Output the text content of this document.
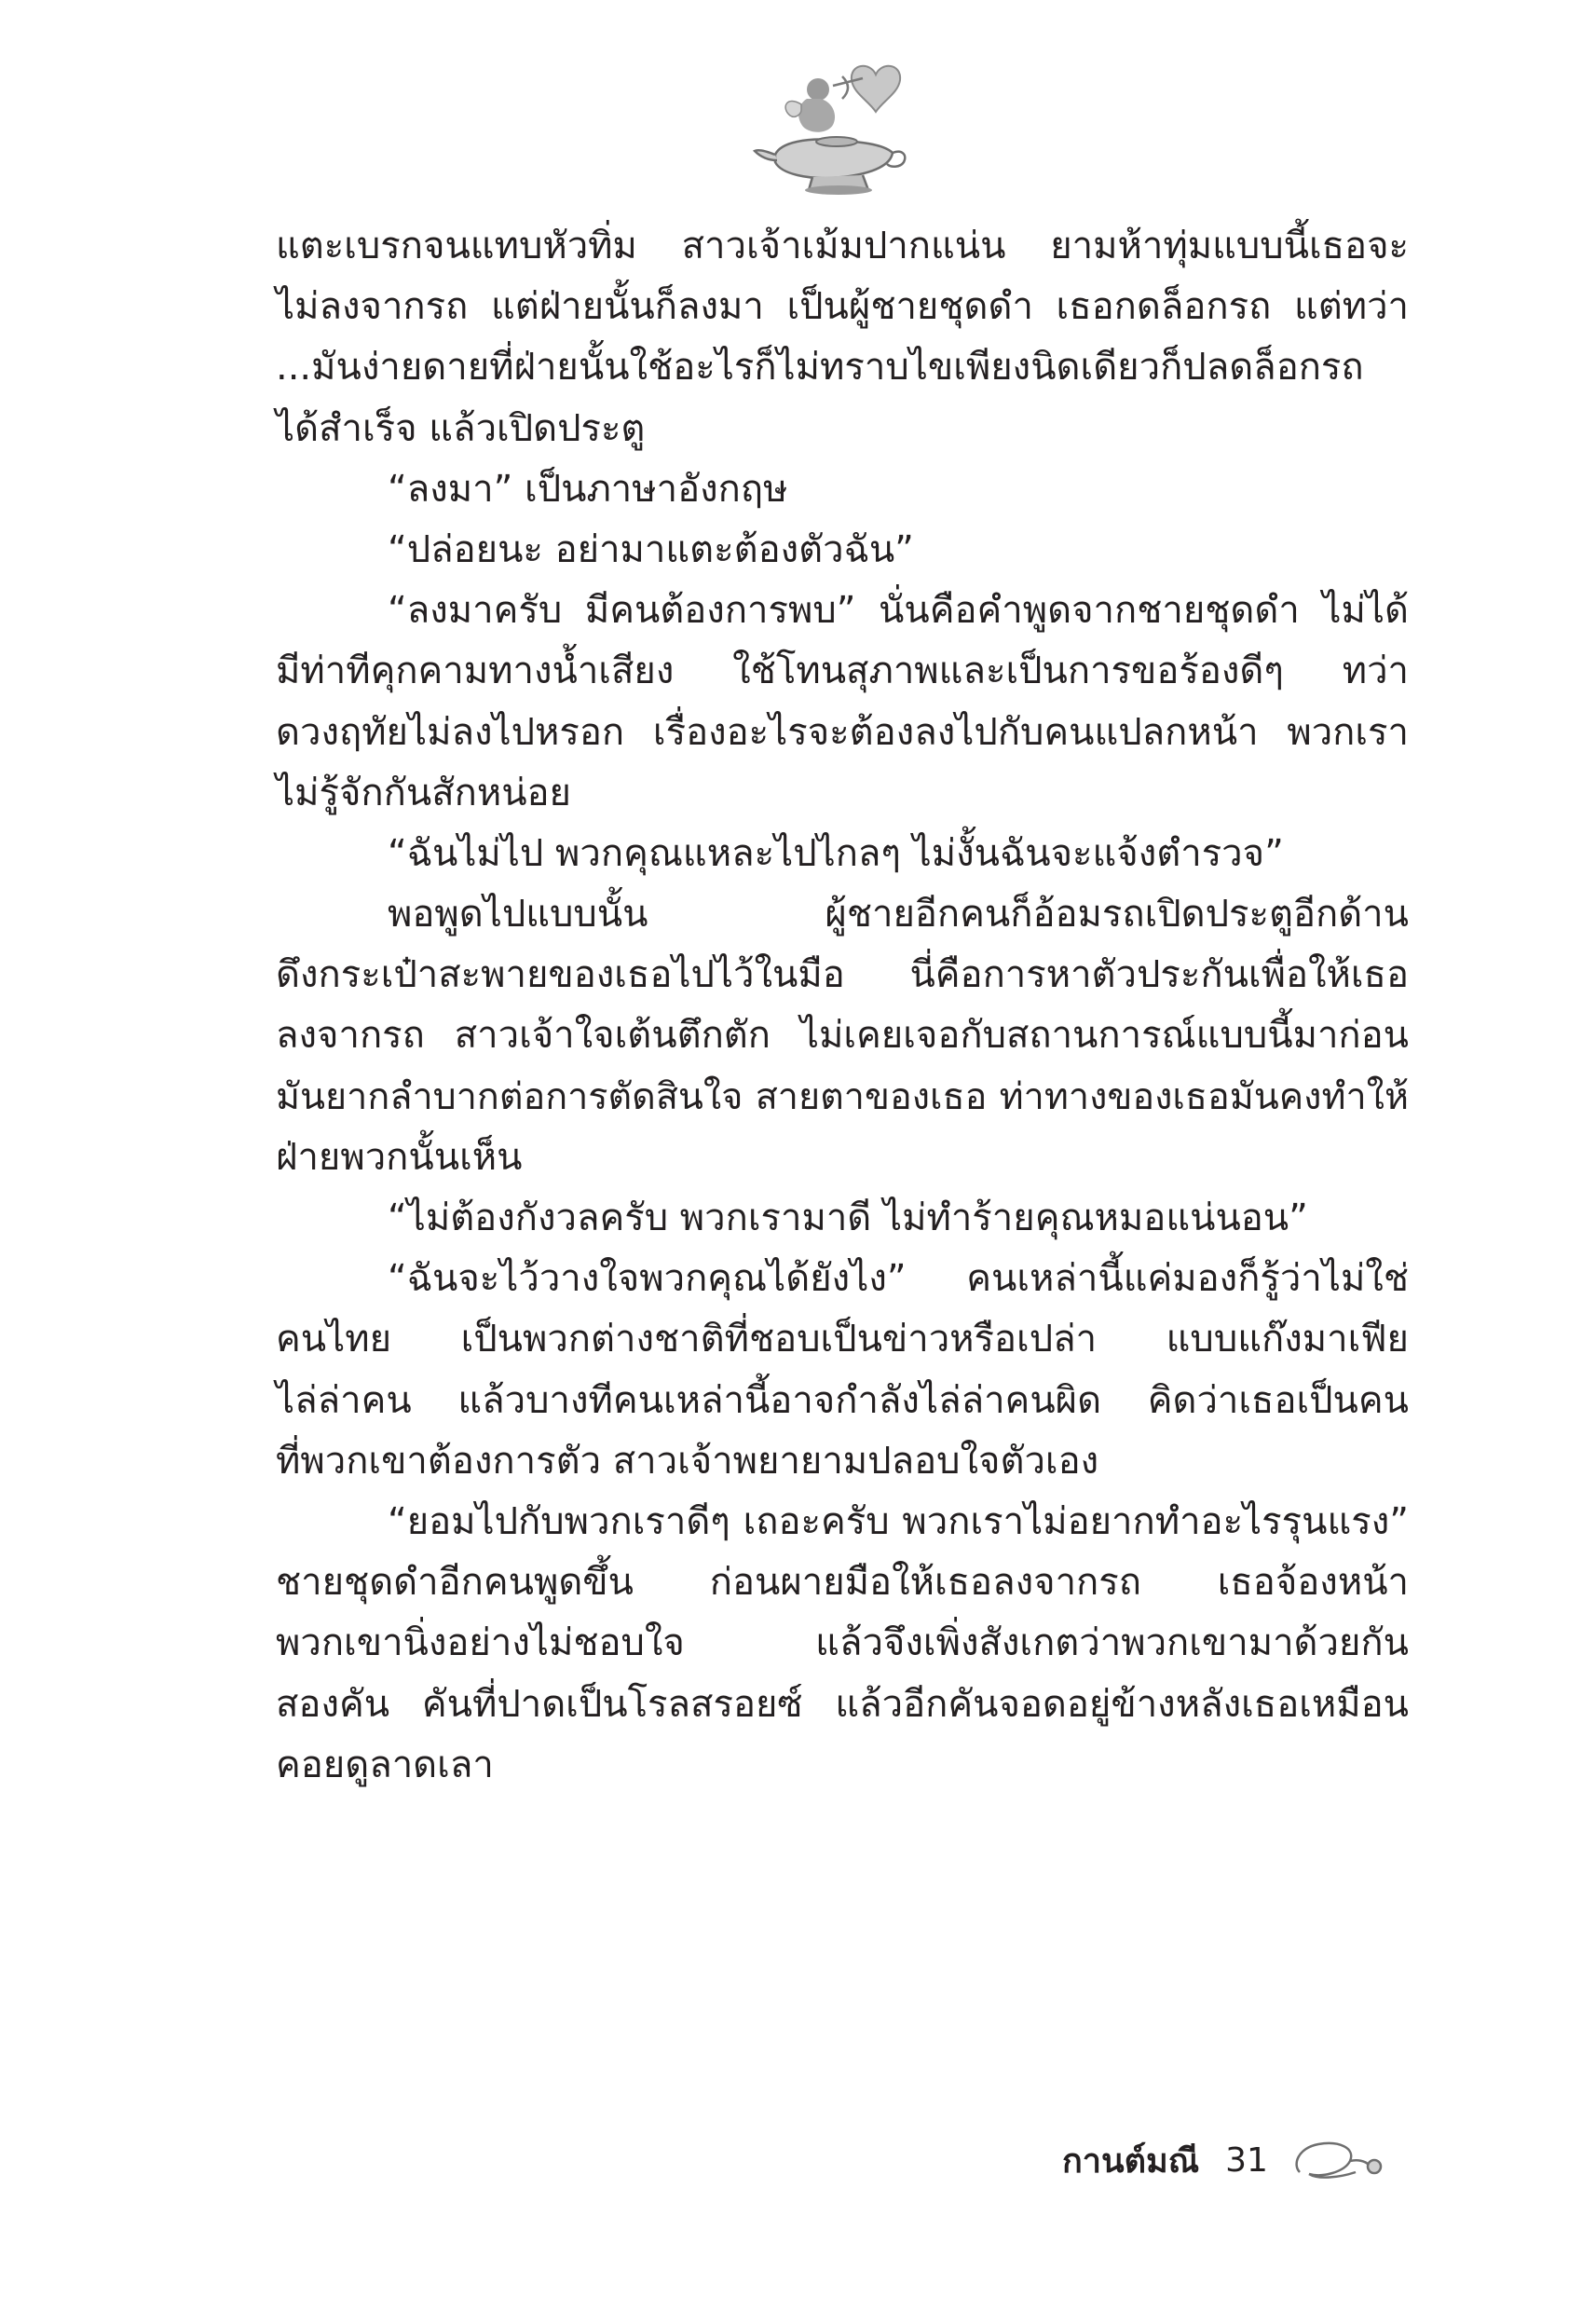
แตะเบรกจนแทบหัวทิ่ม สาวเจ้าเม้มปากแน่น ยามห้าทุ่มแบบนี้เธอจะ
ไม่ลงจากรถ แต่ฝ่ายนั้นก็ลงมา เป็นผู้ชายชุดดำ เธอกดล็อกรถ แต่ทว่า
...มันง่ายดายที่ฝ่ายนั้นใช้อะไรก็ไม่ทราบไขเพียงนิดเดียวก็ปลดล็อกรถ
ได้สำเร็จ แล้วเปิดประตู
“ลงมา” เป็นภาษาอังกฤษ
“ปล่อยนะ อย่ามาแตะต้องตัวฉัน”
“ลงมาครับ มีคนต้องการพบ” นั่นคือคำพูดจากชายชุดดำ ไม่ได้
มีท่าทีคุกคามทางน้ำเสียง ใช้โทนสุภาพและเป็นการขอร้องดีๆ ทว่า
ดวงฤทัยไม่ลงไปหรอก เรื่องอะไรจะต้องลงไปกับคนแปลกหน้า พวกเรา
ไม่รู้จักกันสักหน่อย
“ฉันไม่ไป พวกคุณแหละไปไกลๆ ไม่งั้นฉันจะแจ้งตำรวจ”
พอพูดไปแบบนั้น ผู้ชายอีกคนก็อ้อมรถเปิดประตูอีกด้าน
ดึงกระเป๋าสะพายของเธอไปไว้ในมือ นี่คือการหาตัวประกันเพื่อให้เธอ
ลงจากรถ สาวเจ้าใจเต้นตึกตัก ไม่เคยเจอกับสถานการณ์แบบนี้มาก่อน
มันยากลำบากต่อการตัดสินใจ สายตาของเธอ ท่าทางของเธอมันคงทำให้
ฝ่ายพวกนั้นเห็น
“ไม่ต้องกังวลครับ พวกเรามาดี ไม่ทำร้ายคุณหมอแน่นอน”
“ฉันจะไว้วางใจพวกคุณได้ยังไง” คนเหล่านี้แค่มองก็รู้ว่าไม่ใช่
คนไทย เป็นพวกต่างชาติที่ชอบเป็นข่าวหรือเปล่า แบบแก๊งมาเฟีย
ไล่ล่าคน แล้วบางทีคนเหล่านี้อาจกำลังไล่ล่าคนผิด คิดว่าเธอเป็นคน
ที่พวกเขาต้องการตัว สาวเจ้าพยายามปลอบใจตัวเอง
“ยอมไปกับพวกเราดีๆ เถอะครับ พวกเราไม่อยากทำอะไรรุนแรง”
ชายชุดดำอีกคนพูดขึ้น ก่อนผายมือให้เธอลงจากรถ เธอจ้องหน้า
พวกเขานิ่งอย่างไม่ชอบใจ แล้วจึงเพิ่งสังเกตว่าพวกเขามาด้วยกัน
สองคัน คันที่ปาดเป็นโรลสรอยซ์ แล้วอีกคันจอดอยู่ข้างหลังเธอเหมือน
คอยดูลาดเลา
กานต์มณี 31
